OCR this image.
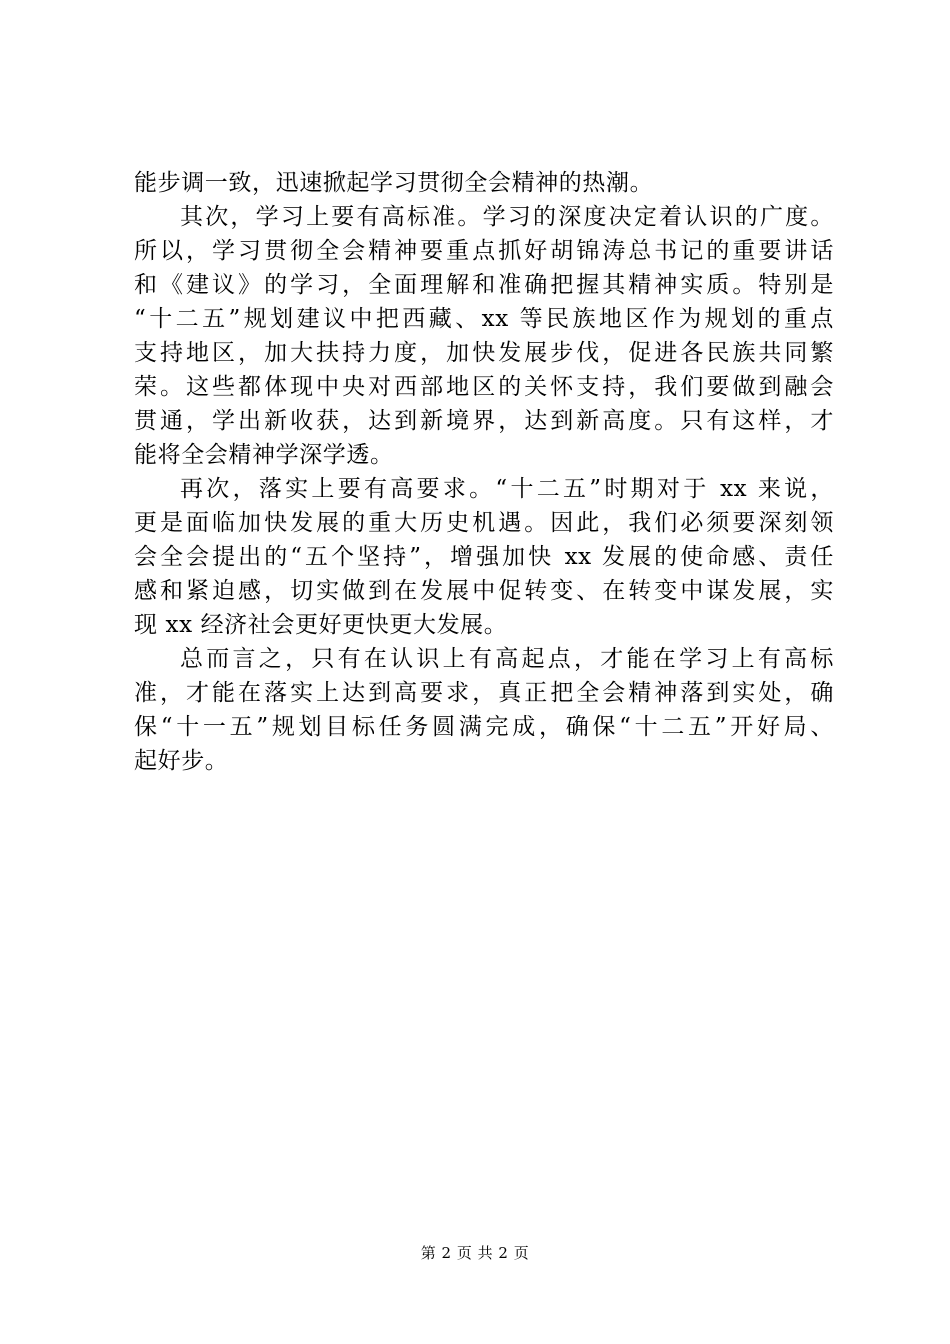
能步调一致，迅速掀起学习贯彻全会精神的热潮。
其次，学习上要有高标准。学习的深度决定着认识的广度。
所以，学习贯彻全会精神要重点抓好胡锦涛总书记的重要讲话
和《建议》的学习，全面理解和准确把握其精神实质。特别是
“十二五”规划建议中把西藏、xx 等民族地区作为规划的重点
支持地区，加大扶持力度，加快发展步伐，促进各民族共同繁
荣。这些都体现中央对西部地区的关怀支持，我们要做到融会
贯通，学出新收获，达到新境界，达到新高度。只有这样，才
能将全会精神学深学透。
再次，落实上要有高要求。“十二五”时期对于 xx 来说，
更是面临加快发展的重大历史机遇。因此，我们必须要深刻领
会全会提出的“五个坚持”，增强加快 xx 发展的使命感、责任
感和紧迫感，切实做到在发展中促转变、在转变中谋发展，实
现 xx 经济社会更好更快更大发展。
总而言之，只有在认识上有高起点，才能在学习上有高标
准，才能在落实上达到高要求，真正把全会精神落到实处，确
保“十一五”规划目标任务圆满完成，确保“十二五”开好局、
起好步。
第 2 页 共 2 页
